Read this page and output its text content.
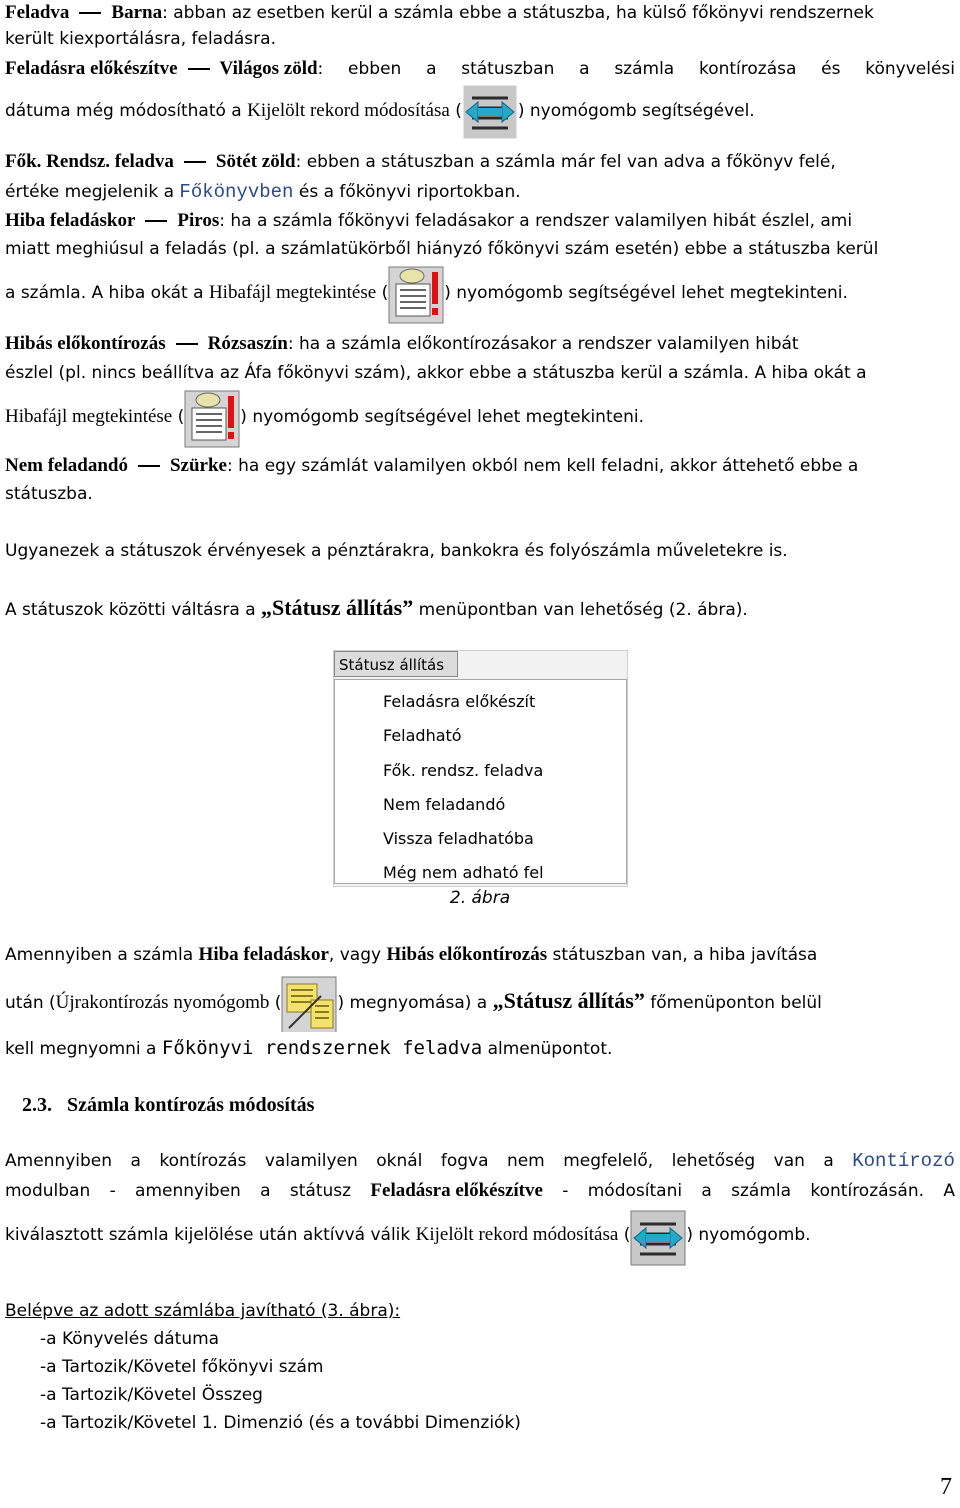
Feladva Barna: abban az esetben kerül a számla ebbe a státuszba, ha külső főkönyvi rendszernek
került kiexportálásra, feladásra.
Feladásra előkészítve Világos zöld: ebben a státuszban a számla kontírozása és könyvelési
dátuma még módosítható a Kijelölt rekord módosítása (	) nyomógomb segítségével.
Fők. Rendsz. feladva Sötét zöld: ebben a státuszban a számla már fel van adva a főkönyv felé,
értéke megjelenik a Főkönyvben és a főkönyvi riportokban.
Hiba feladáskor Piros: ha a számla főkönyvi feladásakor a rendszer valamilyen hibát észlel, ami
miatt meghiúsul a feladás (pl. a számlatükörből hiányzó főkönyvi szám esetén) ebbe a státuszba kerül
a számla. A hiba okát a Hibafájl megtekintése (	) nyomógomb segítségével lehet megtekinteni.
Hibás előkontírozás Rózsaszín: ha a számla előkontírozásakor a rendszer valamilyen hibát
észlel (pl. nincs beállítva az Áfa főkönyvi szám), akkor ebbe a státuszba kerül a számla. A hiba okát a
Hibafájl megtekintése (	) nyomógomb segítségével lehet megtekinteni.
Nem feladandó Szürke: ha egy számlát valamilyen okból nem kell feladni, akkor áttehető ebbe a
státuszba.
Ugyanezek a státuszok érvényesek a pénztárakra, bankokra és folyószámla műveletekre is.
A státuszok közötti váltásra a „Státusz állítás” menüpontban van lehetőség (2. ábra).
Státusz állítás
Feladásra előkészít
Feladható
Fők. rendsz. feladva
Nem feladandó
Vissza feladhatóba
Még nem adható fel
2. ábra
Amennyiben a számla Hiba feladáskor, vagy Hibás előkontírozás státuszban van, a hiba javítása
után (Újrakontírozás nyomógomb (	) megnyomása) a „Státusz állítás” főmenüponton belül
kell megnyomni a Főkönyvi rendszernek feladva almenüpontot.
2.3. Számla kontírozás módosítás
Amennyiben a kontírozás valamilyen oknál fogva nem megfelelő, lehetőség van a Kontírozó
modulban - amennyiben a státusz Feladásra előkészítve - módosítani a számla kontírozásán. A
kiválasztott számla kijelölése után aktívvá válik Kijelölt rekord módosítása (	) nyomógomb.
Belépve az adott számlába javítható (3. ábra):
-a Könyvelés dátuma
-a Tartozik/Követel főkönyvi szám
-a Tartozik/Követel Összeg
-a Tartozik/Követel 1. Dimenzió (és a további Dimenziók)
7
